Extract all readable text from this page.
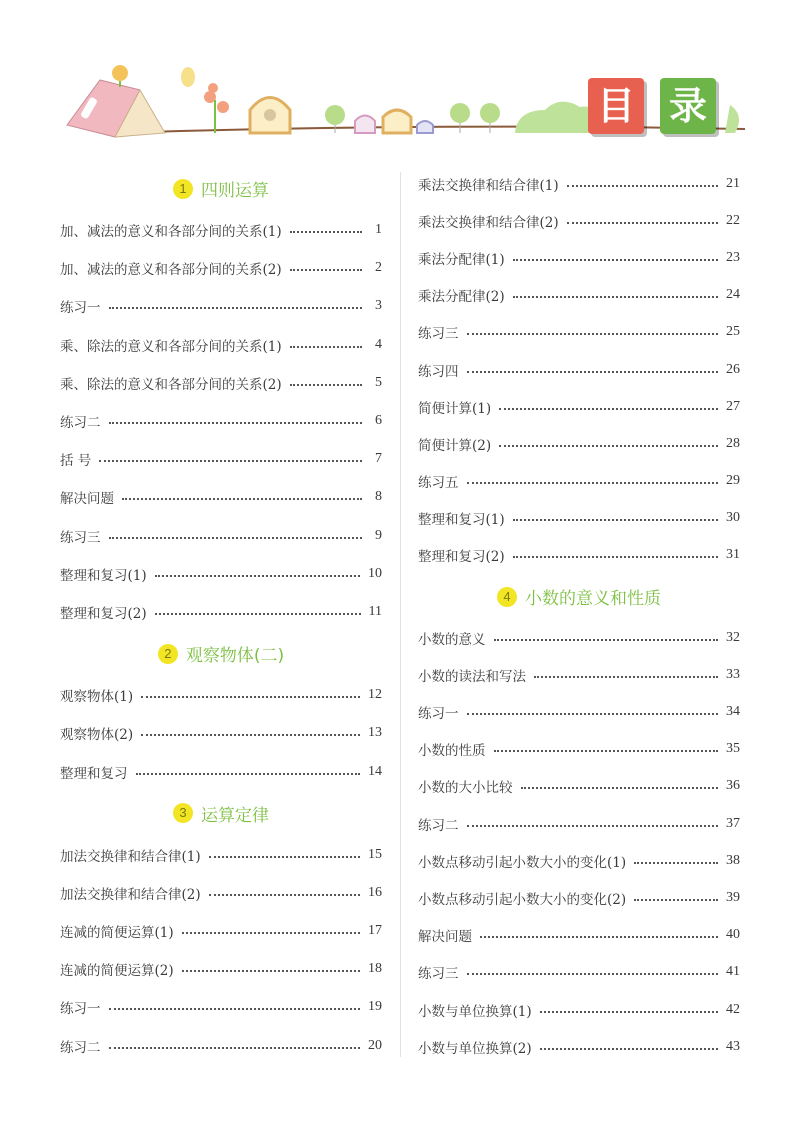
目 录
1 四则运算
加、减法的意义和各部分间的关系(1)	1
加、减法的意义和各部分间的关系(2)	2
练习一	3
乘、除法的意义和各部分间的关系(1)	4
乘、除法的意义和各部分间的关系(2)	5
练习二	6
括 号	7
解决问题	8
练习三	9
整理和复习(1)	10
整理和复习(2)	11
2 观察物体(二)
观察物体(1)	12
观察物体(2)	13
整理和复习	14
3 运算定律
加法交换律和结合律(1)	15
加法交换律和结合律(2)	16
连减的简便运算(1)	17
连减的简便运算(2)	18
练习一	19
练习二	20
乘法交换律和结合律(1)	21
乘法交换律和结合律(2)	22
乘法分配律(1)	23
乘法分配律(2)	24
练习三	25
练习四	26
简便计算(1)	27
简便计算(2)	28
练习五	29
整理和复习(1)	30
整理和复习(2)	31
4 小数的意义和性质
小数的意义	32
小数的读法和写法	33
练习一	34
小数的性质	35
小数的大小比较	36
练习二	37
小数点移动引起小数大小的变化(1)	38
小数点移动引起小数大小的变化(2)	39
解决问题	40
练习三	41
小数与单位换算(1)	42
小数与单位换算(2)	43
